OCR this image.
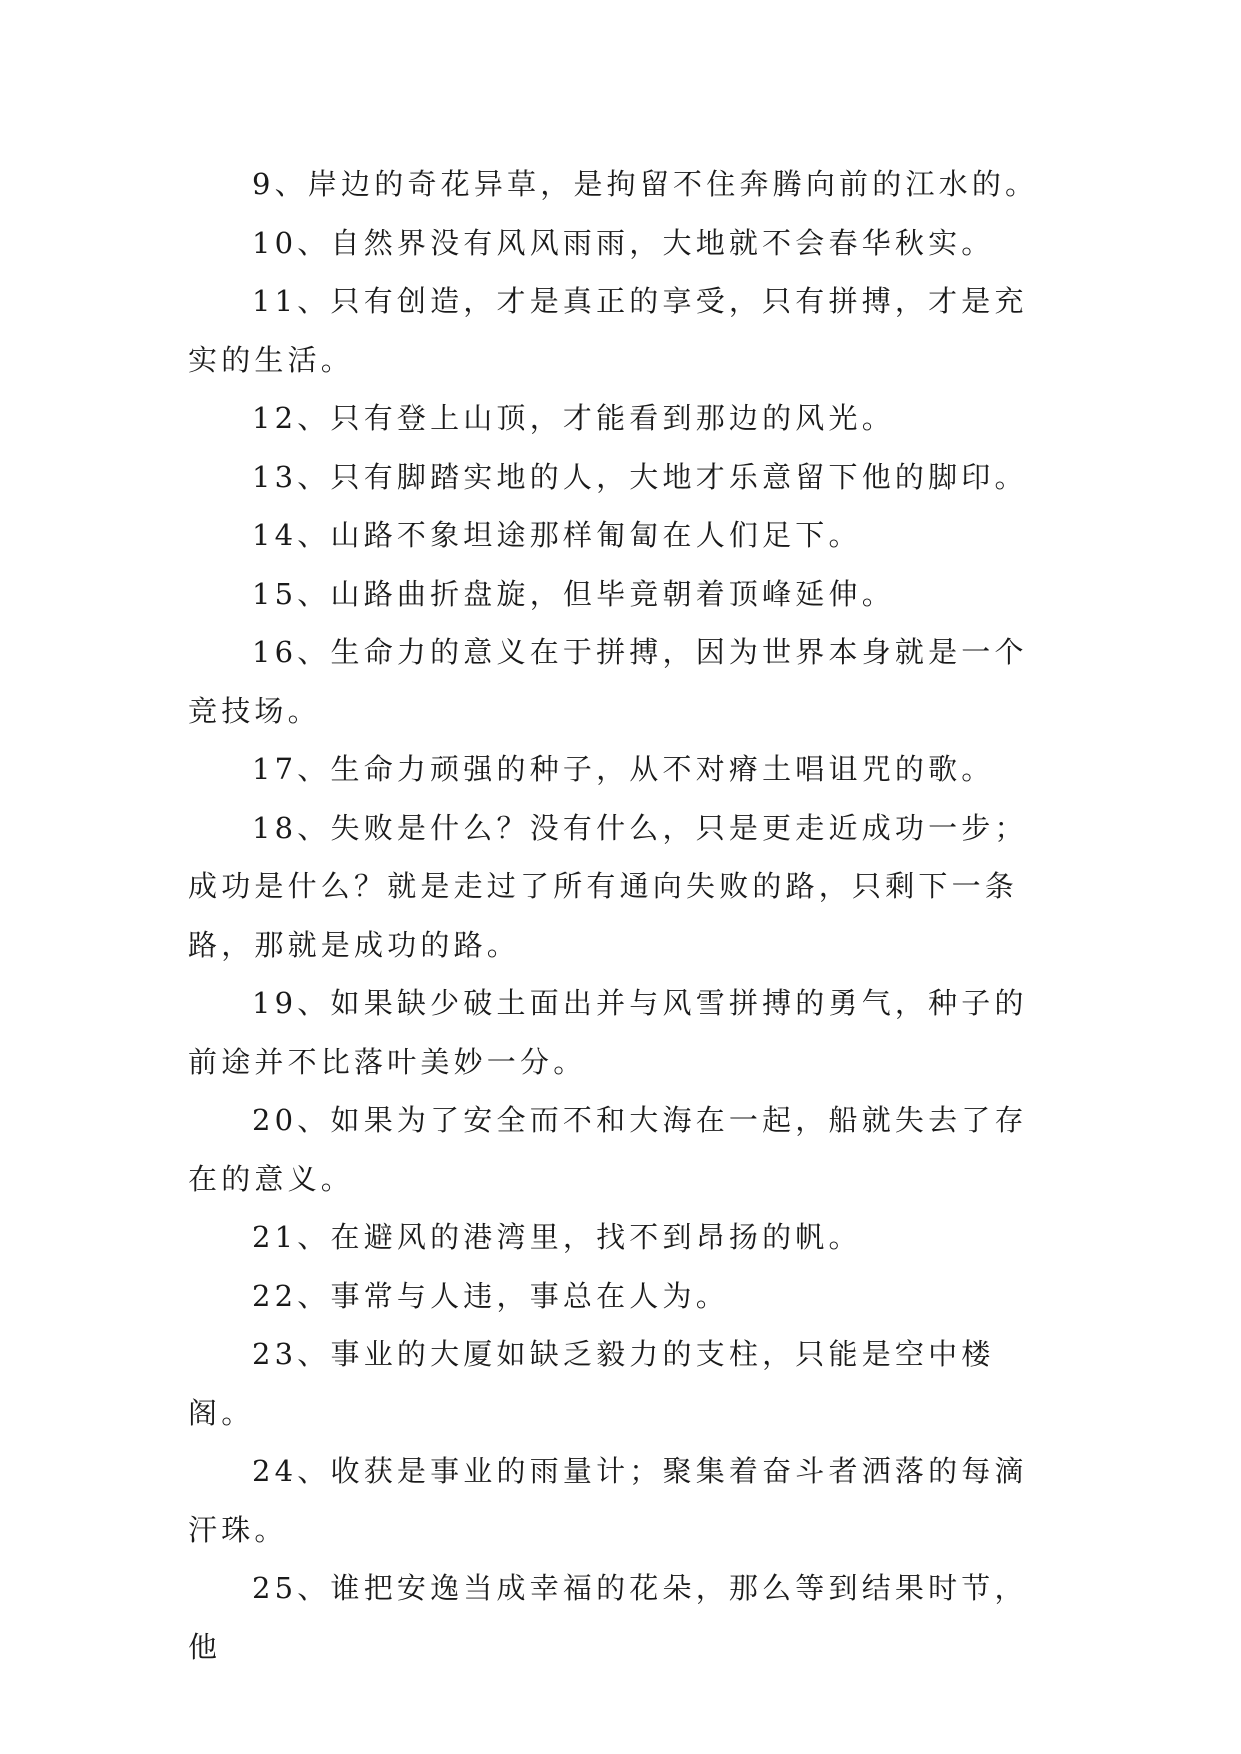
9、岸边的奇花异草，是拘留不住奔腾向前的江水的。

10、自然界没有风风雨雨，大地就不会春华秋实。

11、只有创造，才是真正的享受，只有拼搏，才是充实的生活。

12、只有登上山顶，才能看到那边的风光。

13、只有脚踏实地的人，大地才乐意留下他的脚印。

14、山路不象坦途那样匍匐在人们足下。

15、山路曲折盘旋，但毕竟朝着顶峰延伸。

16、生命力的意义在于拼搏，因为世界本身就是一个竞技场。

17、生命力顽强的种子，从不对瘠土唱诅咒的歌。

18、失败是什么？没有什么，只是更走近成功一步；成功是什么？就是走过了所有通向失败的路，只剩下一条路，那就是成功的路。

19、如果缺少破土面出并与风雪拼搏的勇气，种子的前途并不比落叶美妙一分。

20、如果为了安全而不和大海在一起，船就失去了存在的意义。

21、在避风的港湾里，找不到昂扬的帆。

22、事常与人违，事总在人为。

23、事业的大厦如缺乏毅力的支柱，只能是空中楼阁。

24、收获是事业的雨量计；聚集着奋斗者洒落的每滴汗珠。

25、谁把安逸当成幸福的花朵，那么等到结果时节，他
